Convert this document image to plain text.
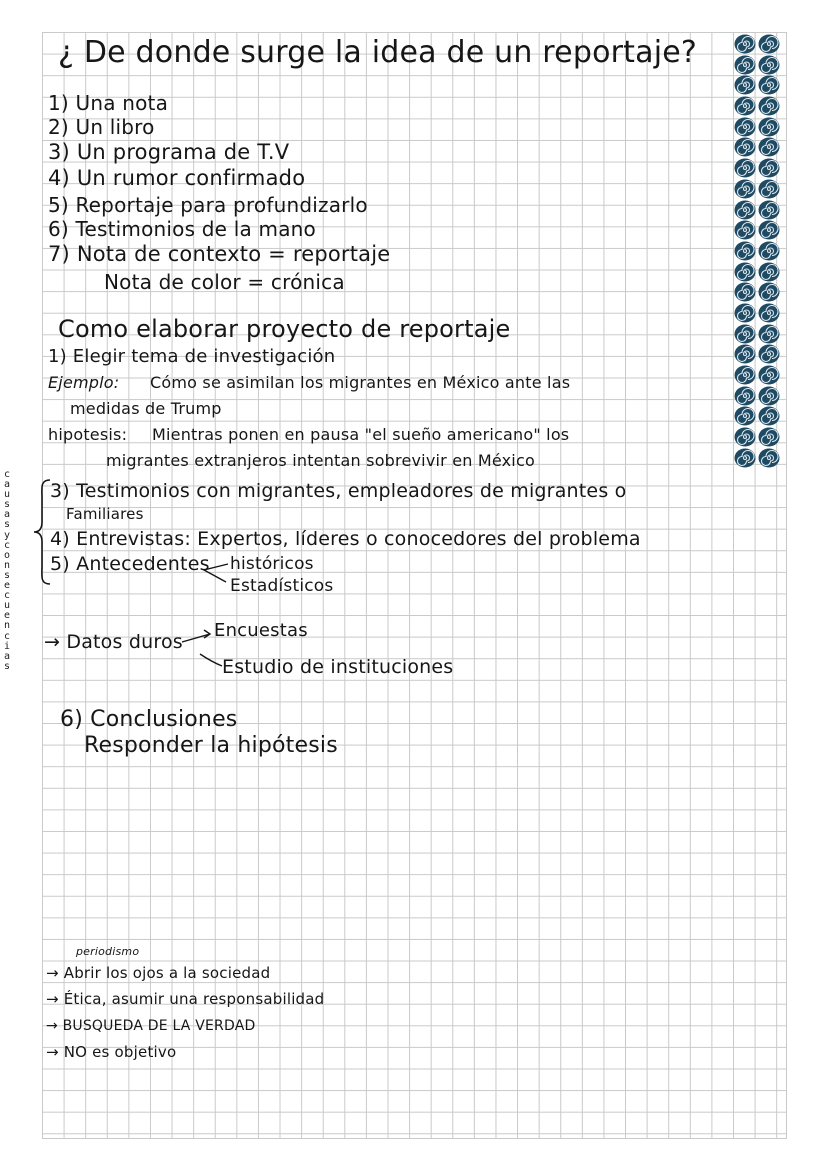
¿ De donde surge la idea de un reportaje?
1) Una nota
2) Un libro
3) Un programa de T.V
4) Un rumor confirmado
5) Reportaje para profundizarlo
6) Testimonios de la mano
7) Nota de contexto = reportaje
Nota de color = crónica
Como elaborar proyecto de reportaje
1) Elegir tema de investigación
Ejemplo: Cómo se asimilan los migrantes en México ante las
medidas de Trump
hipotesis: Mientras ponen en pausa "el sueño americano" los
migrantes extranjeros intentan sobrevivir en México
c
a
u
s
a
s
y
c
o
n
s
e
c
u
e
n
c
i
a
s
3) Testimonios con migrantes, empleadores de migrantes o
Familiares
4) Entrevistas: Expertos, líderes o conocedores del problema
5) Antecedentes históricos
Estadísticos
→ Datos duros
Encuestas
Estudio de instituciones
6) Conclusiones
Responder la hipótesis
periodismo
→ Abrir los ojos a la sociedad
→ Ética, asumir una responsabilidad
→ BUSQUEDA DE LA VERDAD
→ NO es objetivo
